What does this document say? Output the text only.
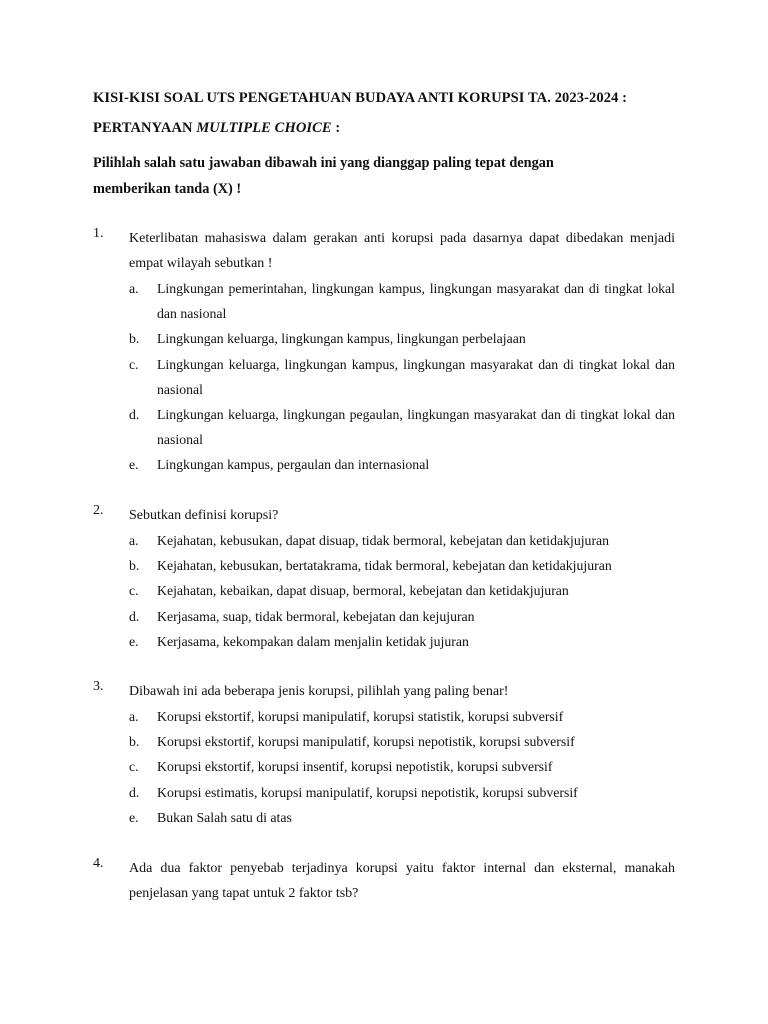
KISI-KISI SOAL UTS PENGETAHUAN BUDAYA ANTI KORUPSI TA. 2023-2024 :
PERTANYAAN MULTIPLE CHOICE :
Pilihlah salah satu jawaban dibawah ini yang dianggap paling tepat dengan
memberikan tanda (X) !
1. Keterlibatan mahasiswa dalam gerakan anti korupsi pada dasarnya dapat dibedakan menjadi empat wilayah sebutkan !
a. Lingkungan pemerintahan, lingkungan kampus, lingkungan masyarakat dan di tingkat lokal dan nasional
b. Lingkungan keluarga, lingkungan kampus, lingkungan perbelajaan
c. Lingkungan keluarga, lingkungan kampus, lingkungan masyarakat dan di tingkat lokal dan nasional
d. Lingkungan keluarga, lingkungan pegaulan, lingkungan masyarakat dan di tingkat lokal dan nasional
e. Lingkungan kampus, pergaulan dan internasional
2. Sebutkan definisi korupsi?
a. Kejahatan, kebusukan, dapat disuap, tidak bermoral, kebejatan dan ketidakjujuran
b. Kejahatan, kebusukan, bertatakrama, tidak bermoral, kebejatan dan ketidakjujuran
c. Kejahatan, kebaikan, dapat disuap, bermoral, kebejatan dan ketidakjujuran
d. Kerjasama, suap, tidak bermoral, kebejatan dan kejujuran
e. Kerjasama, kekompakan dalam menjalin ketidak jujuran
3. Dibawah ini ada beberapa jenis korupsi, pilihlah yang paling benar!
a. Korupsi ekstortif, korupsi manipulatif, korupsi statistik, korupsi subversif
b. Korupsi ekstortif, korupsi manipulatif, korupsi nepotistik, korupsi subversif
c. Korupsi ekstortif, korupsi insentif, korupsi nepotistik, korupsi subversif
d. Korupsi estimatis, korupsi manipulatif, korupsi nepotistik, korupsi subversif
e. Bukan Salah satu di atas
4. Ada dua faktor penyebab terjadinya korupsi yaitu faktor internal dan eksternal, manakah penjelasan yang tapat untuk 2 faktor tsb?
